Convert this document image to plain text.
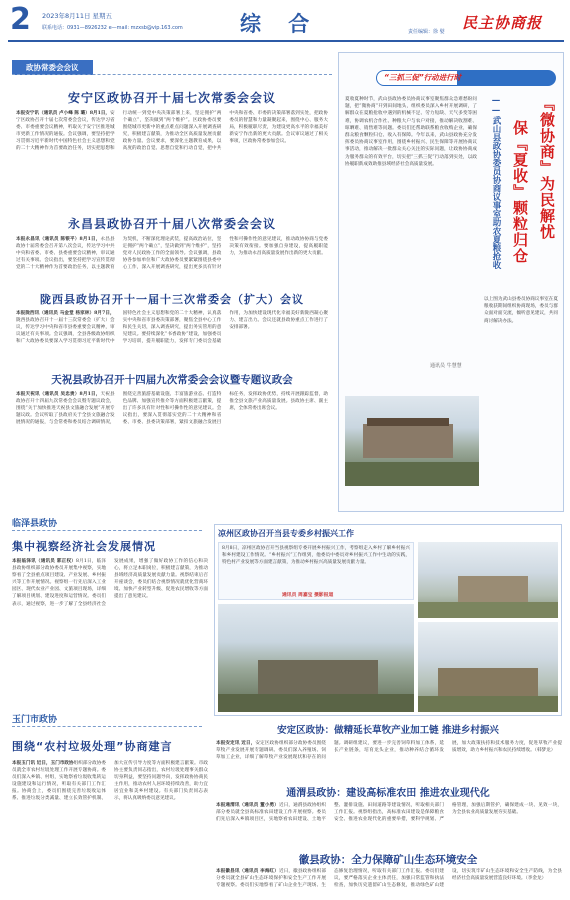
2 2023年8月11日 星期五
联系电话：0931—8926232 e—mail: mzxsb@vip.163.com	综 合	责任编辑：徐 嬖 民主协商报
政协常委会会议
安宁区政协召开十届七次常委会会议
本报安宁讯（通讯员 卢小峰 陈 璐）8月1日，安宁区政协召开十届七次常委会会议，传达学习省委、市委重要会议精神，听取关于安宁区推进城市更新工作情况的通报。会议强调，要坚持把学习贯彻习近平新时代中国特色社会主义思想和党的二十大精神作为首要政治任务，切实把思想和行动统一到党中央决策部署上来，坚定拥护“两个确立”，坚决做到“两个维护”。区政协委员要围绕城市更新中的重点难点问题深入开展调查研究，积极建言献策，为推动全区高质量发展贡献政协力量。会议要求，要深化主题教育成果，以高度的政治自觉、思想自觉和行动自觉，把中共中央和省委、市委的决策部署落到实处，把政协委员的智慧和力量凝聚起来，围绕中心、服务大局，积极履职尽责，为建设更高水平的幸福美好新安宁作出新的更大贡献。会议审议通过了相关事项，区政协常委参加会议。
永昌县政协召开十届八次常委会会议
本报永昌讯（通讯员 陈银平）8月1日，永昌县政协十届常委会召开第八次会议，传达学习中共中央和省委、市委、县委重要会议精神，审议通过有关事项。会议指出，要坚持把学习宣传贯彻党的二十大精神作为首要政治任务，以主题教育为契机，不断深化理论武装，提高政治站位，坚定拥护“两个确立”，坚决做到“两个维护”，坚持党对人民政协工作的全面领导。会议强调，县政协各参加单位和广大政协委员要紧紧围绕县委中心工作，深入开展调查研究，提出更多具有针对性和可操作性的意见建议，推动政协协商与党委决策有效衔接。要加强自身建设，提高履职能力，为推动永昌高质量发展作出新的更大贡献。
陇西县政协召开十一届十三次常委会（扩大）会议
本报陇西讯（通讯员 马金堂 杨家林）8月7日，陇西县政协召开十一届十三次常委会（扩大）会议，传达学习中央和省市县委重要会议精神，审议通过有关事项。会议强调，全县各级政协组织和广大政协委员要深入学习贯彻习近平新时代中国特色社会主义思想和党的二十大精神，认真落实中央和省市县委决策部署，聚焦全县中心工作和民生关切，深入调查研究，提出务实管用的意见建议。要持续深化“书香政协”建设，加强委员学习培训，提升履职能力，发挥专门委员会基础作用，为加快建设现代化幸福美好新陇西凝心聚力、建言出力。会议还就县政协重点工作进行了安排部署。
天祝县政协召开十四届九次常委会会议暨专题议政会
本报天祝讯（通讯员 吴忠贵）8月1日，天祝县政协召开十四届九次常委会会议暨专题议政会，围绕“关于加快推进天祝县文旅融合发展”开展专题议政。会议听取了县政府关于全县文旅融合发展情况的通报，与会常委和委员结合调研情况，围绕完善旅游基础设施、丰富旅游业态、打造特色品牌、加强宣传推介等方面积极建言献策，提出了许多具有针对性和可操作性的意见建议。会议指出，要深入贯彻落实党的二十大精神和省委、市委、县委决策部署，紧扣文旅融合发展目标任务，发挥政协优势，持续开展跟踪监督，助推全县文旅产业高质量发展。县政协主席、副主席，全体常委出席会议。
“三抓三促”行动进行时
『微协商』为民解忧
保『夏收』颗粒归仓
——武山县政协委员协商议事室助农夏粮抢收
通讯员 牛慧慧
夏收夏种时节，武山县政协委员协商议事室聚焦群众急难愁盼问题，把“微协商”开到田间地头，组织委员深入乡村开展调研，了解群众在夏粮抢收中遇到的机械不足、劳力短缺、天气多变等困难，协调农机合作社、种粮大户与农户对接，推动解决收割难、晾晒难、销售难等问题。委员们还帮助联系粮食收购企业，确保群众粮食颗粒归仓、收入有保障。今年以来，武山县政协充分发挥委员协商议事室作用，围绕乡村振兴、民生保障等开展协商议事活动，推动解决一批群众关心关注的实际问题，让政协协商成为服务群众的有效平台，切实把“三抓三促”行动落到实处，以政协履职新成效助推县域经济社会高质量发展。
以上图为武山县委员协商议事室在夏粮收获期间组织协商现场，委员与群众面对面交流，倾听意见建议，共同商讨解决办法。
临泽县政协
集中视察经济社会发展情况
本报临泽讯（通讯员 郭正权）8月1日，临泽县政协组织部分政协委员开展集中视察，实地察看了全县重点项目建设、产业发展、乡村振兴等工作开展情况。视察组一行先后深入工业园区、现代农业产业园、文旅项目现场，详细了解项目规划、建设进度和运营情况。委员们表示，通过视察，进一步了解了全县经济社会发展成果，增强了做好政协工作的信心和决心，将立足本职岗位，积极建言献策，为推动县域经济高质量发展贡献力量。视察结束后召开座谈会，委员们结合视察情况就优化营商环境、加快产业转型升级、促进农民增收等方面提出了意见建议。
玉门市政协
围绕“农村垃圾处理”协商建言
本报玉门讯 近日，玉门市政协组织部分政协委员就全市农村垃圾处理工作开展专题协商。委员们深入乡镇、村组，实地察看垃圾收集转运设施建设和运行情况，听取有关部门工作汇报。协商会上，委员们围绕完善垃圾收运体系、推进垃圾分类减量、建立长效管护机制、加大宣传引导力度等方面积极建言献策。市政协主要负责同志指出，农村垃圾处理事关群众切身利益，要坚持问题导向，发挥政协协商民主作用，推动农村人居环境持续改善，助力宜居宜业和美乡村建设。有关部门负责同志表示，将认真吸纳委员意见建议。
凉州区政协召开当县专委乡村振兴工作
8月8日，凉州区政协召开当县视察组专委开展乡村振兴工作，考察组走入乡村了解乡村振兴和乡村建设工作情况。“乡村振兴”工作组到，他委员中委员对乡村振兴工作中生动的实践，特色村产业发展等方面建言献策，为推动乡村振兴高质量发展贡献力量。
通讯员 周嘉宝 摄影报道
安定区政协：做精延长草牧产业加工链 推进乡村振兴
本报安定讯 近日，安定区政协组织部分政协委员围绕草牧产业发展开展专题调研。委员们深入养殖场、饲草加工企业，详细了解草牧产业发展现状和存在的问题。调研组建议，要进一步完善饲草料加工体系，延长产业链条，培育龙头企业，推动种养结合循环发展，加大政策扶持和技术服务力度，促进草牧产业提质增效，助力乡村振兴和农民持续增收。（韩梦龙）
通渭县政协：建设高标准农田 推进农业现代化
本报通渭讯（通讯员 董小勇）近日，通渭县政协组织部分委员就全县高标准农田建设工作开展视察。委员们先后深入乡镇项目区，实地察看农田建设、土地平整、灌排设施、田间道路等建设情况，听取相关部门工作汇报。视察组指出，高标准农田建设是保障粮食安全、推进农业现代化的重要举措，要科学规划、严格管理，加强后期管护，确保建成一块、见效一块，为全县农业高质量发展夯实基础。
徽县政协：全力保障矿山生态环境安全
本报徽县讯（通讯员 李海红）近日，徽县政协组织部分委员就全县矿山生态环境保护和安全生产工作开展专题视察。委员们实地察看了矿山企业生产现场、生态修复治理情况，听取有关部门工作汇报。委员们建议，要严格落实企业主体责任，加强日常监管和执法检查，加快历史遗留矿山生态修复，推动绿色矿山建设，切实筑牢矿山生态环境和安全生产防线，为全县经济社会高质量发展营造良好环境。（李金龙）
